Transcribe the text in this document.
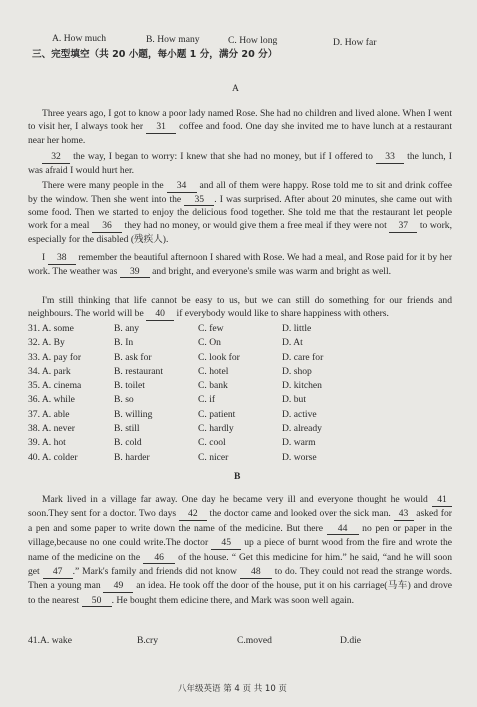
A. How much	B. How many	C. How long	D. How far
三、完型填空（共 20 小题，每小题 1 分，满分 20 分）
A
Three years ago, I got to know a poor lady named Rose. She had no children and lived alone. When I went to visit her, I always took her 31 coffee and food. One day she invited me to have lunch at a restaurant near her home.
32 the way, I began to worry: I knew that she had no money, but if I offered to 33 the lunch, I was afraid I would hurt her.
There were many people in the 34 and all of them were happy. Rose told me to sit and drink coffee by the window. Then she went into the 35 . I was surprised. After about 20 minutes, she came out with some food. Then we started to enjoy the delicious food together. She told me that the restaurant let people work for a meal 36 they had no money, or would give them a free meal if they were not 37 to work, especially for the disabled (残疾人).
I 38 remember the beautiful afternoon I shared with Rose. We had a meal, and Rose paid for it by her work. The weather was 39 and bright, and everyone's smile was warm and bright as well.
I'm still thinking that life cannot be easy to us, but we can still do something for our friends and neighbours. The world will be 40 if everybody would like to share happiness with others.
31. A. some	B. any	C. few	D. little
32. A. By	B. In	C. On	D. At
33. A. pay for	B. ask for	C. look for	D. care for
34. A. park	B. restaurant	C. hotel	D. shop
35. A. cinema	B. toilet	C. bank	D. kitchen
36. A. while	B. so	C. if	D. but
37. A. able	B. willing	C. patient	D. active
38. A. never	B. still	C. hardly	D. already
39. A. hot	B. cold	C. cool	D. warm
40. A. colder	B. harder	C. nicer	D. worse
B
Mark lived in a village far away. One day he became very ill and everyone thought he would 41soon.They sent for a doctor. Two days 42 the doctor came and looked over the sick man. 43 asked for a pen and some paper to write down the name of the medicine. But there 44 no pen or paper in the village,because no one could write.The doctor 45 up a piece of burnt wood from the fire and wrote the name of the medicine on the 46 of the house. “ Get this medicine for him.” he said, “and he will soon get 47 .” Mark's family and friends did not know 48 to do. They could not read the strange words. Then a young man 49 an idea. He took off the door of the house, put it on his carriage(马车) and drove to the nearest 50 . He bought them edicine there, and Mark was soon well again.
41.A. wake	B.cry	C.moved	D.die
八年级英语 第 4 页 共 10 页
